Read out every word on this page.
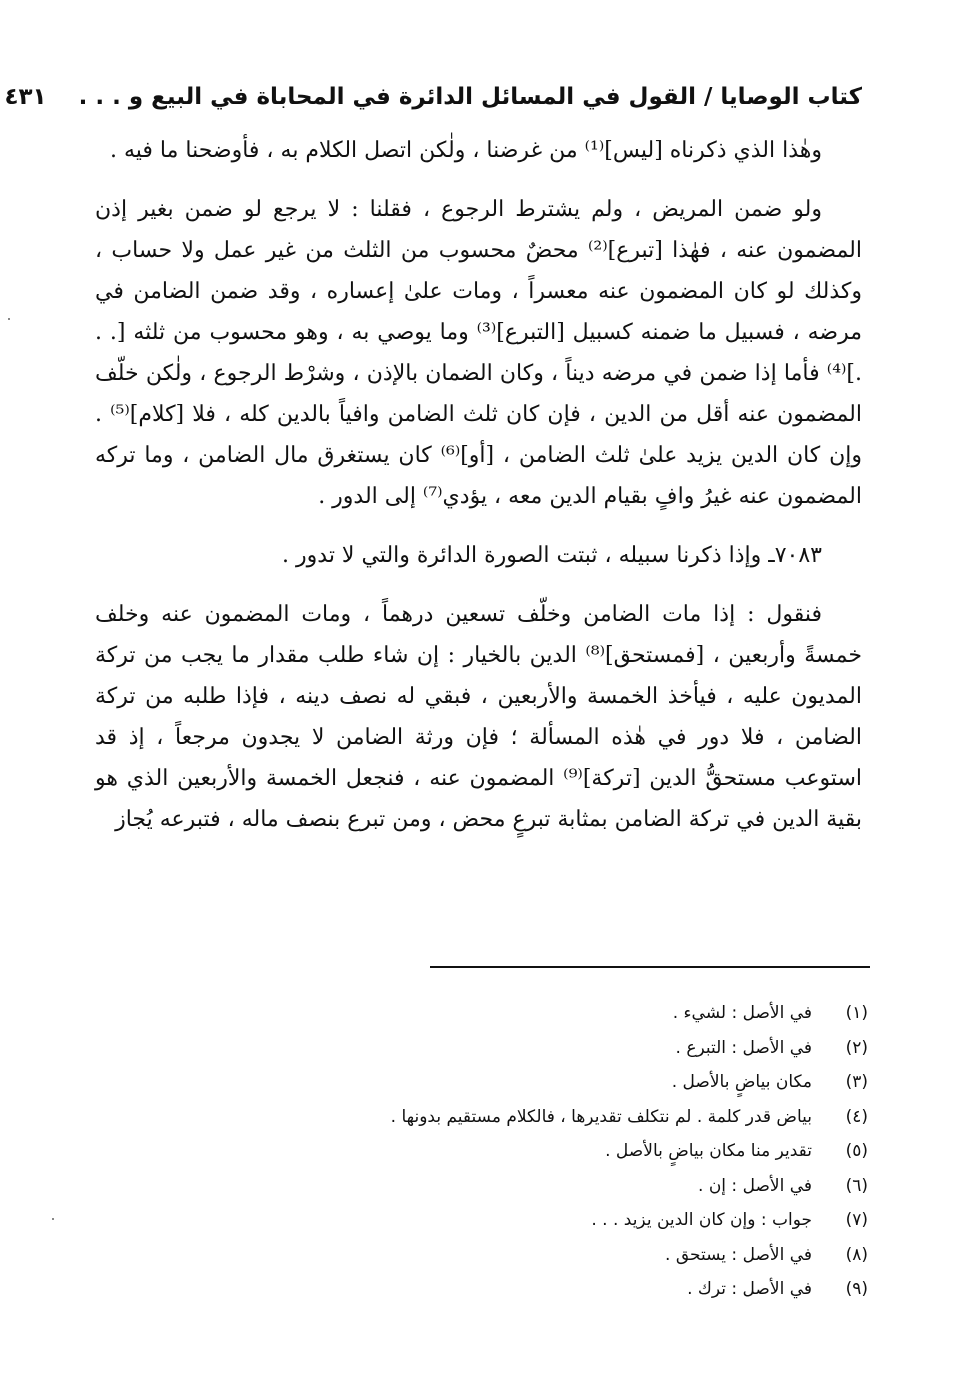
كتاب الوصايا / القول في المسائل الدائرة في المحاباة في البيع و . . .
٤٣١

وهٰذا الذي ذكرناه [ليس]⁽¹⁾ من غرضنا ، ولٰكن اتصل الكلام به ، فأوضحنا ما فيه .

ولو ضمن المريض ، ولم يشترط الرجوع ، فقلنا : لا يرجع لو ضمن بغير إذن المضمون عنه ، فهٰذا [تبرع]⁽²⁾ محضٌ محسوب من الثلث من غير عمل ولا حساب ، وكذلك لو كان المضمون عنه معسراً ، ومات علىٰ إعساره ، وقد ضمن الضامن في مرضه ، فسبيل ما ضمنه كسبيل [التبرع]⁽³⁾ وما يوصي به ، وهو محسوب من ثلثه [. . .]⁽⁴⁾ فأما إذا ضمن في مرضه ديناً ، وكان الضمان بالإذن ، وشرْط الرجوع ، ولٰكن خلّف المضمون عنه أقل من الدين ، فإن كان ثلث الضامن وافياً بالدين كله ، فلا [كلام]⁽⁵⁾ . وإن كان الدين يزيد علىٰ ثلث الضامن ، [أو]⁽⁶⁾ كان يستغرق مال الضامن ، وما تركه المضمون عنه غيرُ وافٍ بقيام الدين معه ، يؤدي⁽⁷⁾ إلى الدور .

٧٠٨٣ـ وإذا ذكرنا سبيله ، ثبتت الصورة الدائرة والتي لا تدور .

فنقول : إذا مات الضامن وخلّف تسعين درهماً ، ومات المضمون عنه وخلف خمسةً وأربعين ، [فمستحق]⁽⁸⁾ الدين بالخيار : إن شاء طلب مقدار ما يجب من تركة المديون عليه ، فيأخذ الخمسة والأربعين ، فبقي له نصف دينه ، فإذا طلبه من تركة الضامن ، فلا دور في هٰذه المسألة ؛ فإن ورثة الضامن لا يجدون مرجعاً ، إذ قد استوعب مستحقُّ الدين [تركة]⁽⁹⁾ المضمون عنه ، فنجعل الخمسة والأربعين الذي هو بقية الدين في تركة الضامن بمثابة تبرعٍ محض ، ومن تبرع بنصف ماله ، فتبرعه يُجاز

(١)
في الأصل : لشيء .
(٢)
في الأصل : التبرع .
(٣)
مكان بياضٍ بالأصل .
(٤)
بياض قدر كلمة . لم نتكلف تقديرها ، فالكلام مستقيم بدونها .
(٥)
تقدير منا مكان بياضٍ بالأصل .
(٦)
في الأصل : إن .
(٧)
جواب : وإن كان الدين يزيد . . .
(٨)
في الأصل : يستحق .
(٩)
في الأصل : ترك .
